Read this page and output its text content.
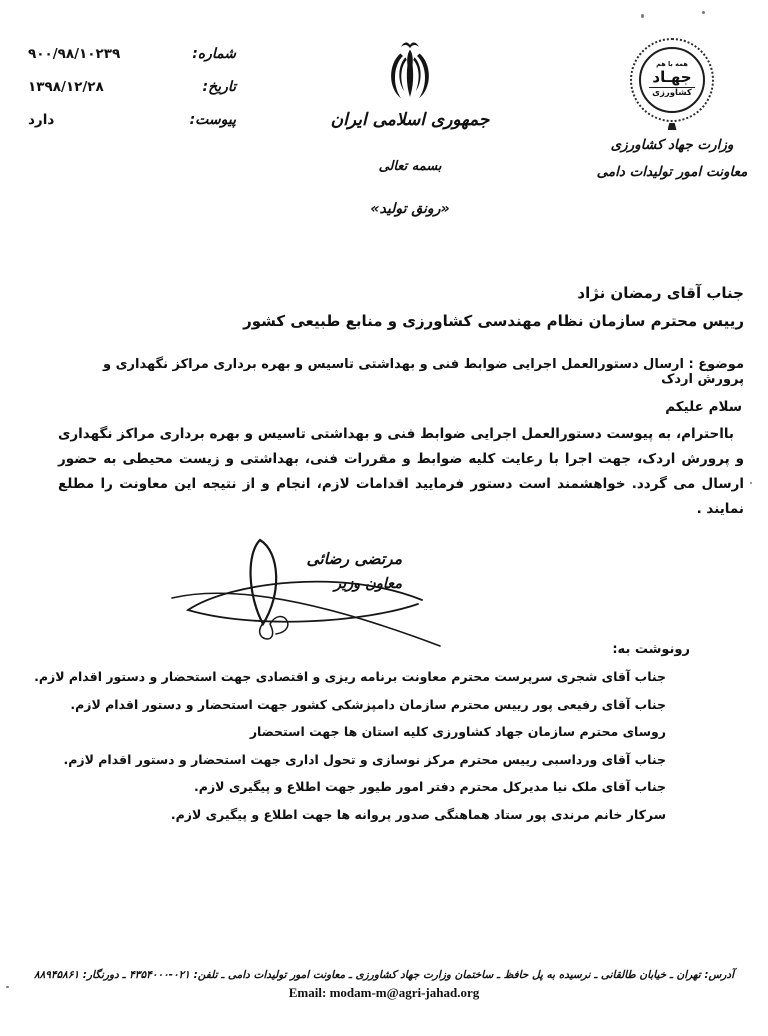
شماره:
۹۰۰/۹۸/۱۰۲۳۹
تاریخ:
۱۳۹۸/۱۲/۲۸
پیوست:
دارد	جمهوری اسلامی ایران
بسمه تعالی
«رونق تولید»
همه با هم
جهـاد
کشاورزی
وزارت جهاد کشاورزی
معاونت امور تولیدات دامی
جناب آقای رمضان نژاد
رییس محترم سازمان نظام مهندسی کشاورزی و منابع طبیعی کشور
موضوع : ارسال دستورالعمل اجرایی ضوابط فنی و بهداشتی تاسیس و بهره برداری مراکز نگهداری و پرورش اردک
سلام علیکم
بااحترام، به پیوست دستورالعمل اجرایی ضوابط فنی و بهداشتی تاسیس و بهره برداری مراکز نگهداری و پرورش اردک، جهت اجرا با رعایت کلیه ضوابط و مقررات فنی، بهداشتی و زیست محیطی به حضور ارسال می گردد. خواهشمند است دستور فرمایید اقدامات لازم، انجام و از نتیجه این معاونت را مطلع نمایند .
مرتضی رضائی
معاون وزیر
رونوشت به:
جناب آقای شجری سرپرست محترم معاونت برنامه ریزی و اقتصادی جهت استحضار و دستور اقدام لازم.
جناب آقای رفیعی پور رییس محترم سازمان دامپزشکی کشور جهت استحضار و دستور اقدام لازم.
روسای محترم سازمان جهاد کشاورزی کلیه استان ها جهت استحضار
جناب آقای ورداسبی رییس محترم مرکز نوسازی و تحول اداری جهت استحضار و دستور اقدام لازم.
جناب آقای ملک نیا مدیرکل محترم دفتر امور طیور جهت اطلاع و پیگیری لازم.
سرکار خانم مرندی پور ستاد هماهنگی صدور پروانه ها جهت اطلاع و پیگیری لازم.
آدرس: تهران ـ خیابان طالقانی ـ نرسیده به پل حافظ ـ ساختمان وزارت جهاد کشاورزی ـ معاونت امور تولیدات دامی ـ تلفن: ۰۲۱-۴۳۵۴۰۰۰ ـ دورنگار: ۸۸۹۴۵۸۶۱
Email: modam-m@agri-jahad.org
